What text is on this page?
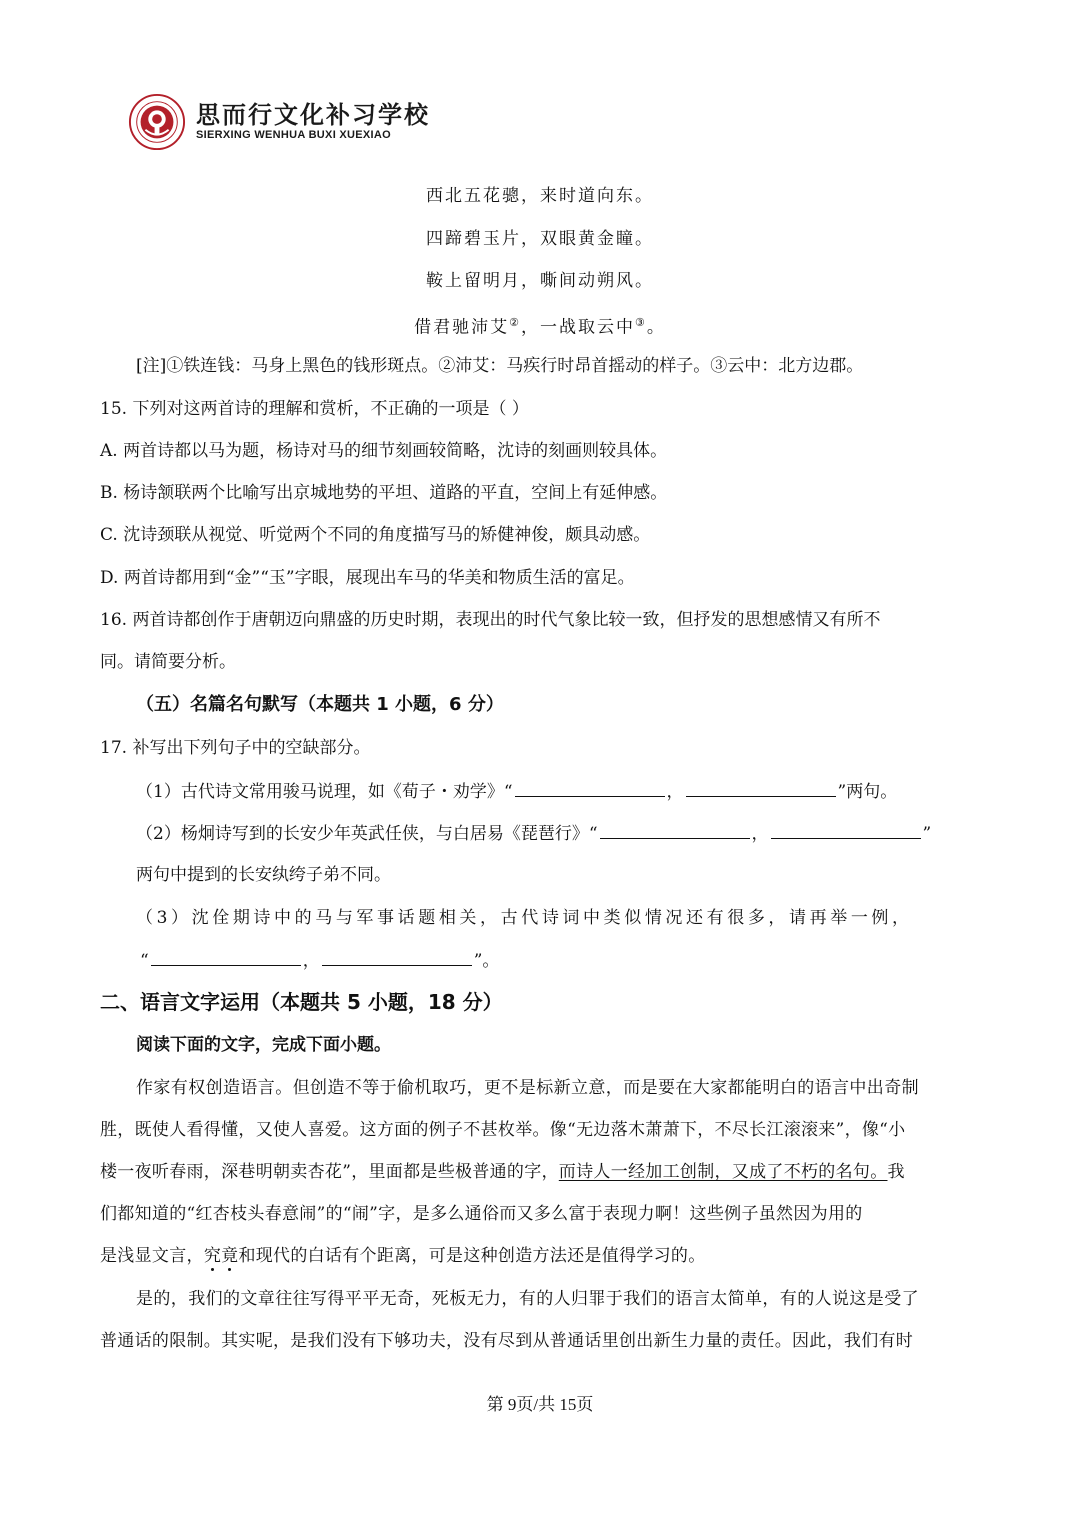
思而行文化补习学校
SIERXING WENHUA BUXI XUEXIAO
西北五花骢，来时道向东。
四蹄碧玉片，双眼黄金瞳。
鞍上留明月，嘶间动朔风。
借君驰沛艾②，一战取云中③。
[注]①铁连钱：马身上黑色的钱形斑点。②沛艾：马疾行时昂首摇动的样子。③云中：北方边郡。
15. 下列对这两首诗的理解和赏析，不正确的一项是（ ）
A. 两首诗都以马为题，杨诗对马的细节刻画较简略，沈诗的刻画则较具体。
B. 杨诗颔联两个比喻写出京城地势的平坦、道路的平直，空间上有延伸感。
C. 沈诗颈联从视觉、听觉两个不同的角度描写马的矫健神俊，颇具动感。
D. 两首诗都用到“金”“玉”字眼，展现出车马的华美和物质生活的富足。
16. 两首诗都创作于唐朝迈向鼎盛的历史时期，表现出的时代气象比较一致，但抒发的思想感情又有所不
同。请简要分析。
（五）名篇名句默写（本题共 1 小题，6 分）
17. 补写出下列句子中的空缺部分。
（1）古代诗文常用骏马说理，如《荀子・劝学》“	，	”两句。
（2）杨炯诗写到的长安少年英武任侠，与白居易《琵琶行》“	，	”
两句中提到的长安纨绔子弟不同。
（3）沈佺期诗中的马与军事话题相关，古代诗词中类似情况还有很多，请再举一例，
“	，	”。
二、语言文字运用（本题共 5 小题，18 分）
阅读下面的文字，完成下面小题。
作家有权创造语言。但创造不等于偷机取巧，更不是标新立意，而是要在大家都能明白的语言中出奇制
胜，既使人看得懂，又使人喜爱。这方面的例子不甚枚举。像“无边落木萧萧下，不尽长江滚滚来”，像“小
楼一夜听春雨，深巷明朝卖杏花”，里面都是些极普通的字，而诗人一经加工创制，又成了不朽的名句。我
们都知道的“红杏枝头春意闹”的“闹”字，是多么通俗而又多么富于表现力啊！这些例子虽然因为用的
是浅显文言，究竟和现代的白话有个距离，可是这种创造方法还是值得学习的。
是的，我们的文章往往写得平平无奇，死板无力，有的人归罪于我们的语言太简单，有的人说这是受了
普通话的限制。其实呢，是我们没有下够功夫，没有尽到从普通话里创出新生力量的责任。因此，我们有时
第 9页/共 15页
